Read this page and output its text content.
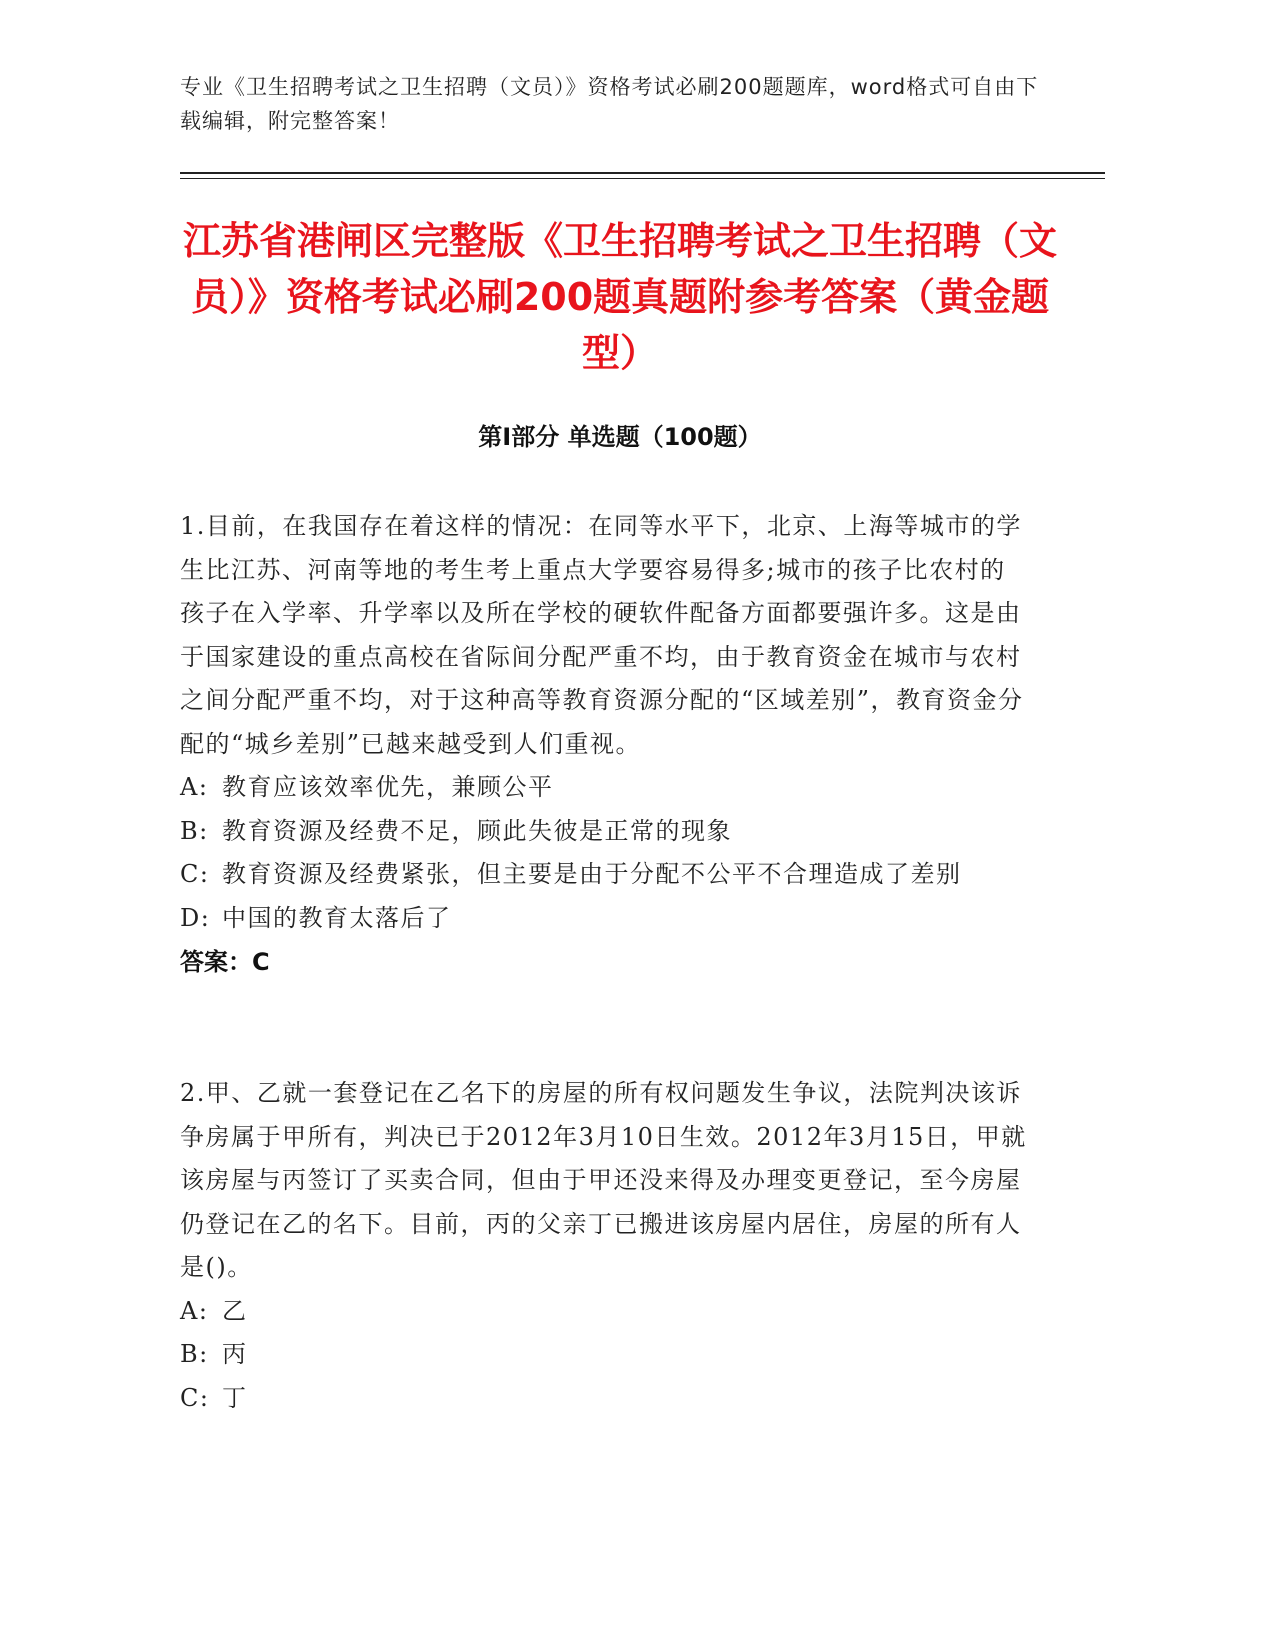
专业《卫生招聘考试之卫生招聘（文员）》资格考试必刷200题题库，word格式可自由下载编辑，附完整答案！
江苏省港闸区完整版《卫生招聘考试之卫生招聘（文员）》资格考试必刷200题真题附参考答案（黄金题型）
第I部分 单选题（100题）

1.目前，在我国存在着这样的情况：在同等水平下，北京、上海等城市的学生比江苏、河南等地的考生考上重点大学要容易得多;城市的孩子比农村的孩子在入学率、升学率以及所在学校的硬软件配备方面都要强许多。这是由于国家建设的重点高校在省际间分配严重不均，由于教育资金在城市与农村之间分配严重不均，对于这种高等教育资源分配的“区域差别”，教育资金分配的“城乡差别”已越来越受到人们重视。

A: 教育应该效率优先，兼顾公平

B: 教育资源及经费不足，顾此失彼是正常的现象

C: 教育资源及经费紧张，但主要是由于分配不公平不合理造成了差别

D: 中国的教育太落后了

答案：C

2.甲、乙就一套登记在乙名下的房屋的所有权问题发生争议，法院判决该诉争房属于甲所有，判决已于2012年3月10日生效。2012年3月15日，甲就该房屋与丙签订了买卖合同，但由于甲还没来得及办理变更登记，至今房屋仍登记在乙的名下。目前，丙的父亲丁已搬进该房屋内居住，房屋的所有人是()。

A: 乙

B: 丙

C: 丁
